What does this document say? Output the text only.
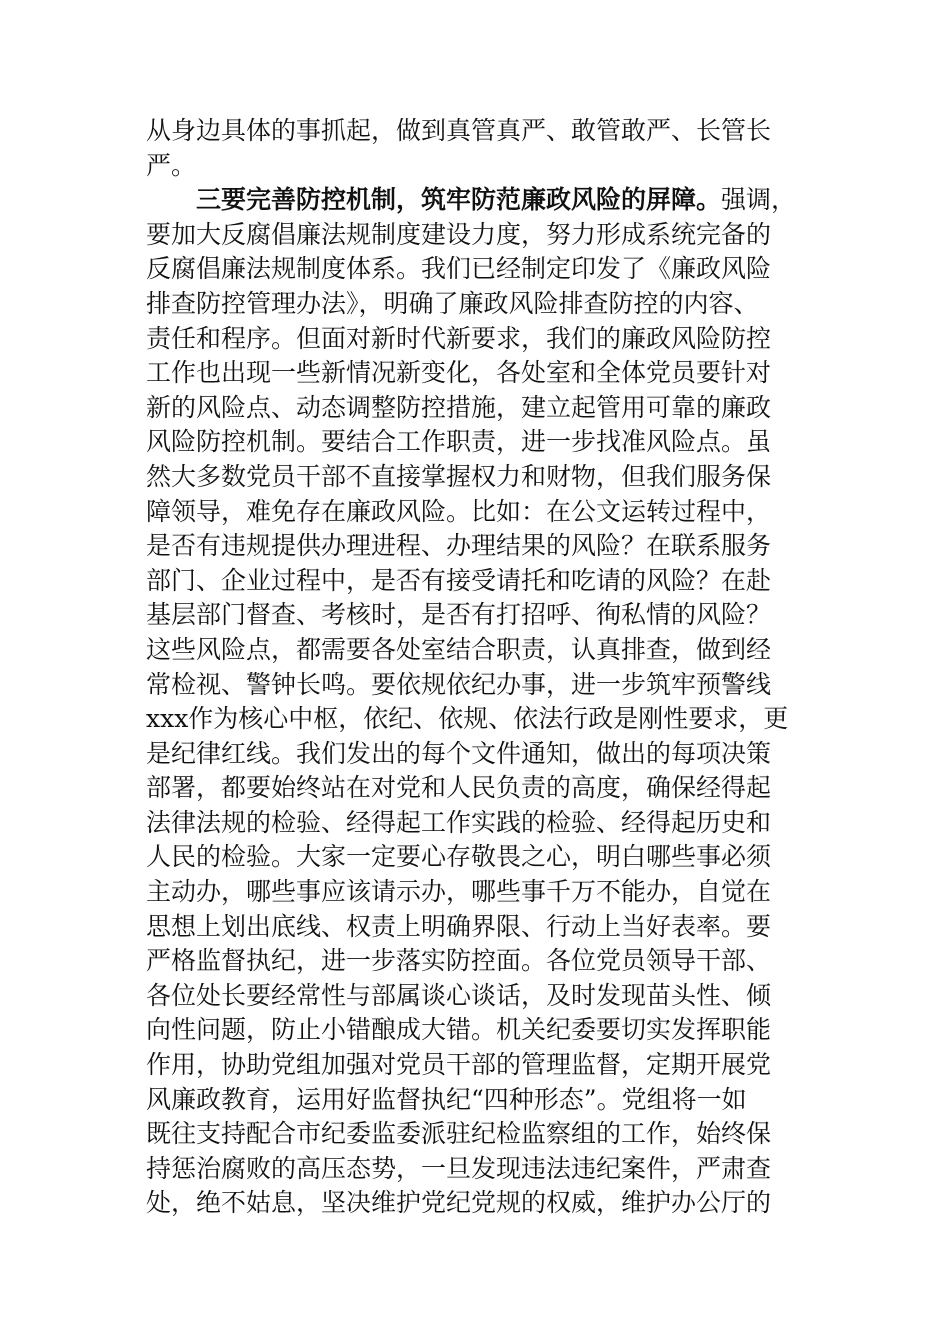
从身边具体的事抓起，做到真管真严、敢管敢严、长管长
严。
三要完善防控机制，筑牢防范廉政风险的屏障。强调，
要加大反腐倡廉法规制度建设力度，努力形成系统完备的
反腐倡廉法规制度体系。我们已经制定印发了《廉政风险
排查防控管理办法》，明确了廉政风险排查防控的内容、
责任和程序。但面对新时代新要求，我们的廉政风险防控
工作也出现一些新情况新变化，各处室和全体党员要针对
新的风险点、动态调整防控措施，建立起管用可靠的廉政
风险防控机制。要结合工作职责，进一步找准风险点。虽
然大多数党员干部不直接掌握权力和财物，但我们服务保
障领导，难免存在廉政风险。比如：在公文运转过程中，
是否有违规提供办理进程、办理结果的风险？在联系服务
部门、企业过程中，是否有接受请托和吃请的风险？在赴
基层部门督查、考核时，是否有打招呼、徇私情的风险？
这些风险点，都需要各处室结合职责，认真排查，做到经
常检视、警钟长鸣。要依规依纪办事，进一步筑牢预警线
xxx作为核心中枢，依纪、依规、依法行政是刚性要求，更
是纪律红线。我们发出的每个文件通知，做出的每项决策
部署，都要始终站在对党和人民负责的高度，确保经得起
法律法规的检验、经得起工作实践的检验、经得起历史和
人民的检验。大家一定要心存敬畏之心，明白哪些事必须
主动办，哪些事应该请示办，哪些事千万不能办，自觉在
思想上划出底线、权责上明确界限、行动上当好表率。要
严格监督执纪，进一步落实防控面。各位党员领导干部、
各位处长要经常性与部属谈心谈话，及时发现苗头性、倾
向性问题，防止小错酿成大错。机关纪委要切实发挥职能
作用，协助党组加强对党员干部的管理监督，定期开展党
风廉政教育，运用好监督执纪“四种形态”。党组将一如
既往支持配合市纪委监委派驻纪检监察组的工作，始终保
持惩治腐败的高压态势，一旦发现违法违纪案件，严肃查
处，绝不姑息，坚决维护党纪党规的权威，维护办公厅的
